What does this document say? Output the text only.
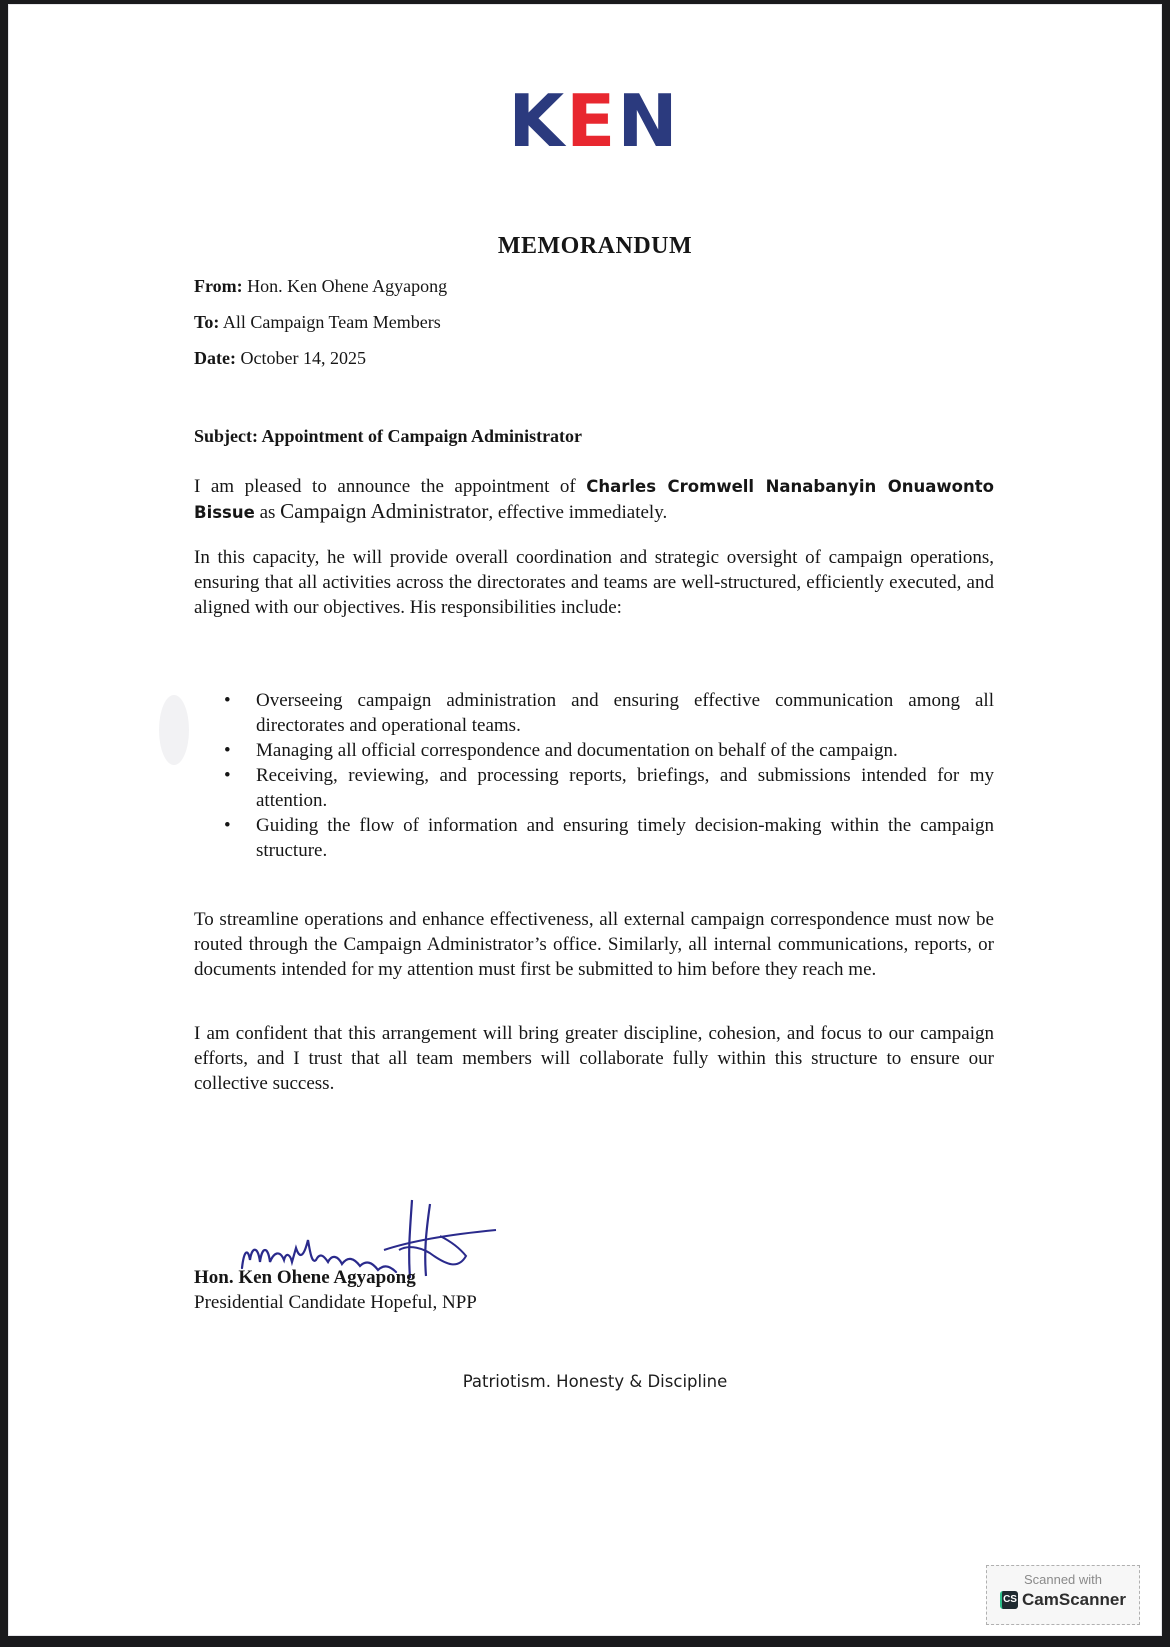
K E N
MEMORANDUM
From: Hon. Ken Ohene Agyapong
To: All Campaign Team Members
Date: October 14, 2025
Subject: Appointment of Campaign Administrator
I am pleased to announce the appointment of Charles Cromwell Nanabanyin Onuawonto Bissue as Campaign Administrator, effective immediately.
In this capacity, he will provide overall coordination and strategic oversight of campaign operations, ensuring that all activities across the directorates and teams are well-structured, efficiently executed, and aligned with our objectives. His responsibilities include:
• Overseeing campaign administration and ensuring effective communication among all directorates and operational teams.
• Managing all official correspondence and documentation on behalf of the campaign.
• Receiving, reviewing, and processing reports, briefings, and submissions intended for my attention.
• Guiding the flow of information and ensuring timely decision-making within the campaign structure.
To streamline operations and enhance effectiveness, all external campaign correspondence must now be routed through the Campaign Administrator’s office. Similarly, all internal communications, reports, or documents intended for my attention must first be submitted to him before they reach me.
I am confident that this arrangement will bring greater discipline, cohesion, and focus to our campaign efforts, and I trust that all team members will collaborate fully within this structure to ensure our collective success.
Hon. Ken Ohene Agyapong
Presidential Candidate Hopeful, NPP
Patriotism. Honesty & Discipline
Scanned with
CS CamScanner
